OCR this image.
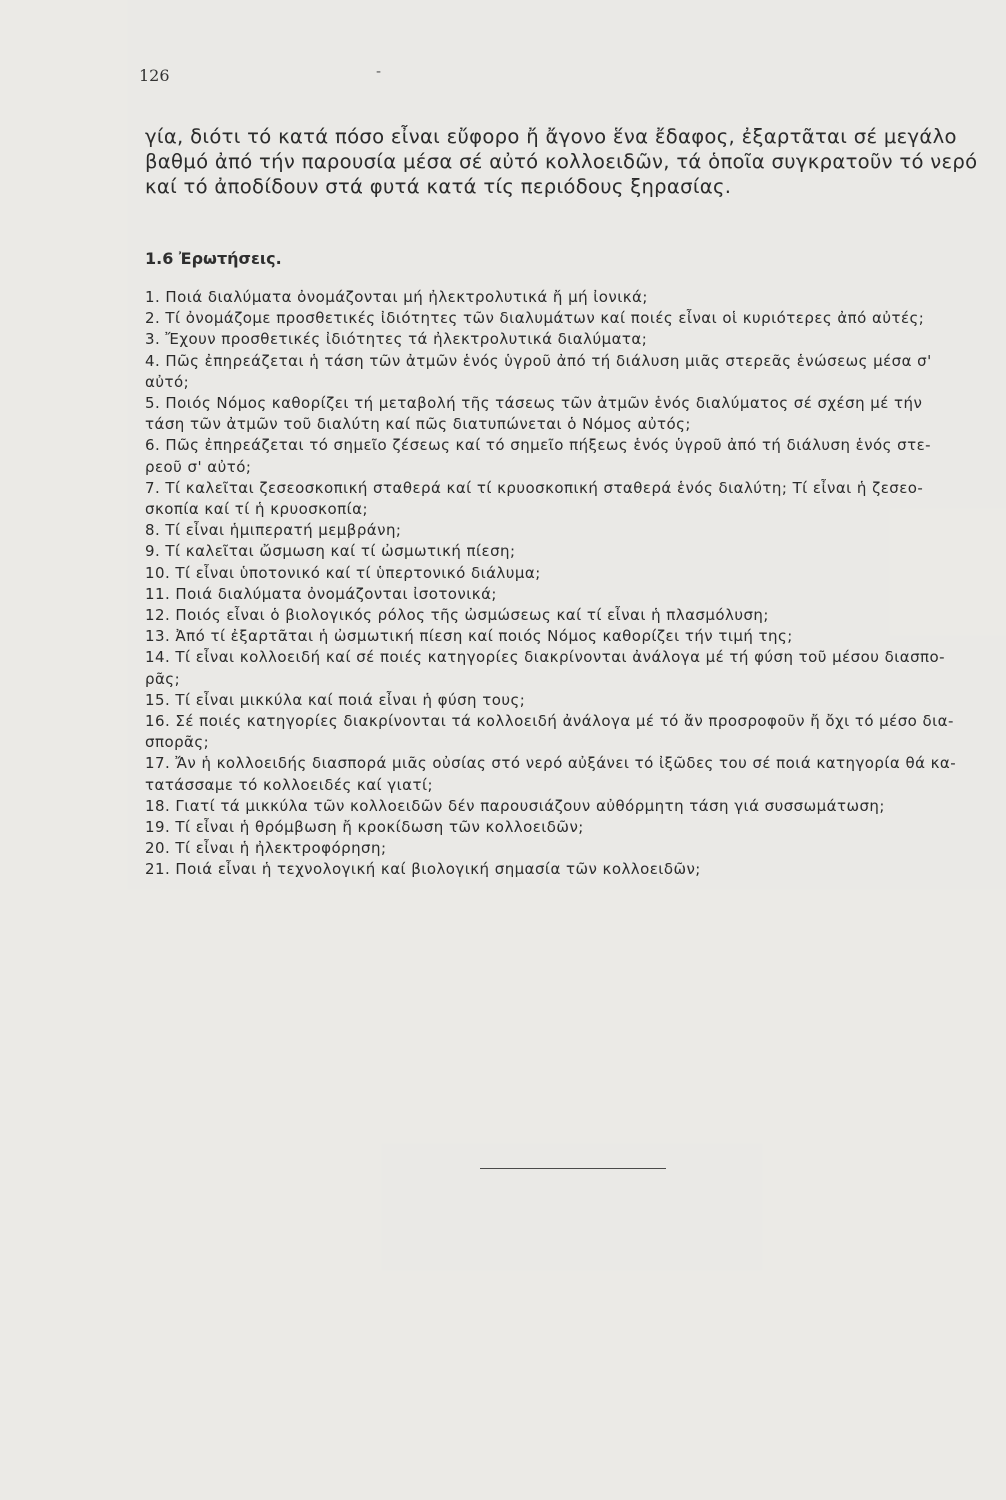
126	-

γία, διότι τό κατά πόσο εἶναι εὔφορο ἤ ἄγονο ἕνα ἔδαφος, ἐξαρτᾶται σέ μεγάλο
βαθμό ἀπό τήν παρουσία μέσα σέ αὐτό κολλοειδῶν, τά ὁποῖα συγκρατοῦν τό νερό
καί τό ἀποδίδουν στά φυτά κατά τίς περιόδους ξηρασίας.

1.6 Ἐρωτήσεις.
1. Ποιά διαλύματα ὀνομάζονται μή ἠλεκτρολυτικά ἤ μή ἰονικά;
2. Τί ὀνομάζομε προσθετικές ἰδιότητες τῶν διαλυμάτων καί ποιές εἶναι οἱ κυριότερες ἀπό αὐτές;
3. Ἔχουν προσθετικές ἰδιότητες τά ἠλεκτρολυτικά διαλύματα;
4. Πῶς ἐπηρεάζεται ἡ τάση τῶν ἀτμῶν ἑνός ὑγροῦ ἀπό τή διάλυση μιᾶς στερεᾶς ἑνώσεως μέσα σ'
αὐτό;
5. Ποιός Νόμος καθορίζει τή μεταβολή τῆς τάσεως τῶν ἀτμῶν ἑνός διαλύματος σέ σχέση μέ τήν
τάση τῶν ἀτμῶν τοῦ διαλύτη καί πῶς διατυπώνεται ὁ Νόμος αὐτός;
6. Πῶς ἐπηρεάζεται τό σημεῖο ζέσεως καί τό σημεῖο πήξεως ἑνός ὑγροῦ ἀπό τή διάλυση ἑνός στε-
ρεοῦ σ' αὐτό;
7. Τί καλεῖται ζεσεοσκοπική σταθερά καί τί κρυοσκοπική σταθερά ἑνός διαλύτη; Τί εἶναι ἡ ζεσεο-
σκοπία καί τί ἡ κρυοσκοπία;
8. Τί εἶναι ἡμιπερατή μεμβράνη;
9. Τί καλεῖται ὤσμωση καί τί ὠσμωτική πίεση;
10. Τί εἶναι ὑποτονικό καί τί ὑπερτονικό διάλυμα;
11. Ποιά διαλύματα ὀνομάζονται ἰσοτονικά;
12. Ποιός εἶναι ὁ βιολογικός ρόλος τῆς ὠσμώσεως καί τί εἶναι ἡ πλασμόλυση;
13. Ἀπό τί ἐξαρτᾶται ἡ ὠσμωτική πίεση καί ποιός Νόμος καθορίζει τήν τιμή της;
14. Τί εἶναι κολλοειδή καί σέ ποιές κατηγορίες διακρίνονται ἀνάλογα μέ τή φύση τοῦ μέσου διασπο-
ρᾶς;
15. Τί εἶναι μικκύλα καί ποιά εἶναι ἡ φύση τους;
16. Σέ ποιές κατηγορίες διακρίνονται τά κολλοειδή ἀνάλογα μέ τό ἄν προσροφοῦν ἤ ὄχι τό μέσο δια-
σπορᾶς;
17. Ἄν ἡ κολλοειδής διασπορά μιᾶς οὐσίας στό νερό αὐξάνει τό ἰξῶδες του σέ ποιά κατηγορία θά κα-
τατάσσαμε τό κολλοειδές καί γιατί;
18. Γιατί τά μικκύλα τῶν κολλοειδῶν δέν παρουσιάζουν αὐθόρμητη τάση γιά συσσωμάτωση;
19. Τί εἶναι ἡ θρόμβωση ἤ κροκίδωση τῶν κολλοειδῶν;
20. Τί εἶναι ἡ ἠλεκτροφόρηση;
21. Ποιά εἶναι ἡ τεχνολογική καί βιολογική σημασία τῶν κολλοειδῶν;
